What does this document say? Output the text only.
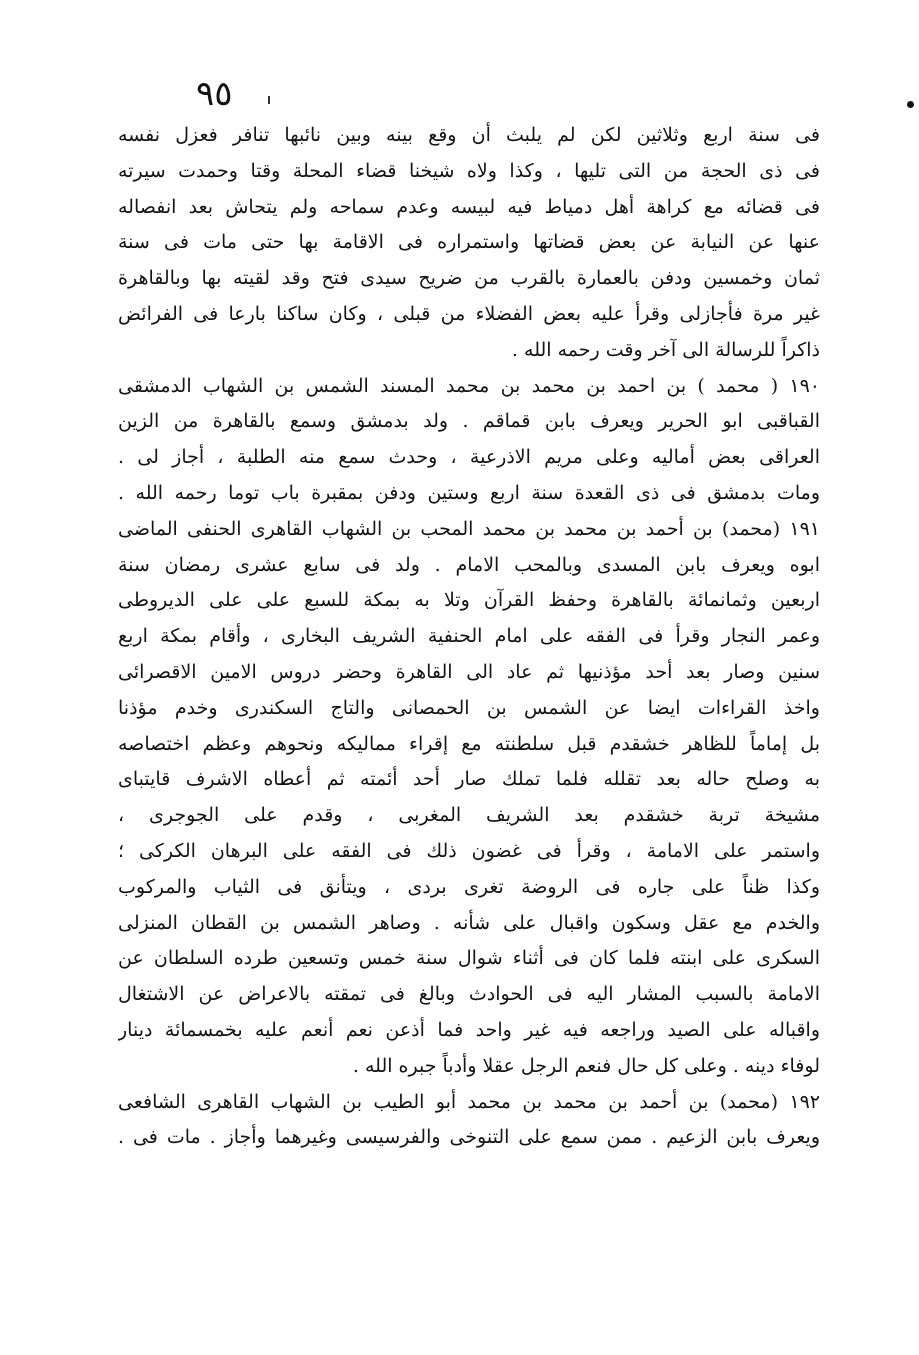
٩٥
فى سنة اربع وثلاثين لكن لم يلبث أن وقع بينه وبين نائبها تنافر فعزل نفسه
فى ذى الحجة من التى تليها ، وكذا ولاه شيخنا قضاء المحلة وقتا وحمدت سيرته
فى قضائه مع كراهة أهل دمياط فيه لبيسه وعدم سماحه ولم يتحاش بعد انفصاله
عنها عن النيابة عن بعض قضاتها واستمراره فى الاقامة بها حتى مات فى سنة
ثمان وخمسين ودفن بالعمارة بالقرب من ضريح سيدى فتح وقد لقيته بها وبالقاهرة
غير مرة فأجازلى وقرأ عليه بعض الفضلاء من قبلى ، وكان ساكنا بارعا فى الفرائض
ذاكراً للرسالة الى آخر وقت رحمه الله .
١٩٠ ( محمد ) بن احمد بن محمد بن محمد المسند الشمس بن الشهاب الدمشقى
القباقبى ابو الحرير ويعرف بابن قماقم . ولد بدمشق وسمع بالقاهرة من الزين
العراقى بعض أماليه وعلى مريم الاذرعية ، وحدث سمع منه الطلبة ، أجاز لى .
ومات بدمشق فى ذى القعدة سنة اربع وستين ودفن بمقبرة باب توما رحمه الله .
١٩١ (محمد) بن أحمد بن محمد بن محمد المحب بن الشهاب القاهرى الحنفى الماضى
ابوه ويعرف بابن المسدى وبالمحب الامام . ولد فى سابع عشرى رمضان سنة
اربعين وثمانمائة بالقاهرة وحفظ القرآن وتلا به بمكة للسبع على على الديروطى
وعمر النجار وقرأ فى الفقه على امام الحنفية الشريف البخارى ، وأقام بمكة اربع
سنين وصار بعد أحد مؤذنيها ثم عاد الى القاهرة وحضر دروس الامين الاقصرائى
واخذ القراءات ايضا عن الشمس بن الحمصانى والتاج السكندرى وخدم مؤذنا
بل إماماً للظاهر خشقدم قبل سلطنته مع إقراء مماليكه ونحوهم وعظم اختصاصه
به وصلح حاله بعد تقلله فلما تملك صار أحد أئمته ثم أعطاه الاشرف قايتباى
مشيخة تربة خشقدم بعد الشريف المغربى ، وقدم على الجوجرى ،
واستمر على الامامة ، وقرأ فى غضون ذلك فى الفقه على البرهان الكركى ؛
وكذا ظناً على جاره فى الروضة تغرى بردى ، ويتأنق فى الثياب والمركوب
والخدم مع عقل وسكون واقبال على شأنه . وصاهر الشمس بن القطان المنزلى
السكرى على ابنته فلما كان فى أثناء شوال سنة خمس وتسعين طرده السلطان عن
الامامة بالسبب المشار اليه فى الحوادث وبالغ فى تمقته بالاعراض عن الاشتغال
واقباله على الصيد وراجعه فيه غير واحد فما أذعن نعم أنعم عليه بخمسمائة دينار
لوفاء دينه . وعلى كل حال فنعم الرجل عقلا وأدباً جبره الله .
١٩٢ (محمد) بن أحمد بن محمد بن محمد أبو الطيب بن الشهاب القاهرى الشافعى
ويعرف بابن الزعيم . ممن سمع على التنوخى والفرسيسى وغيرهما وأجاز . مات فى .
